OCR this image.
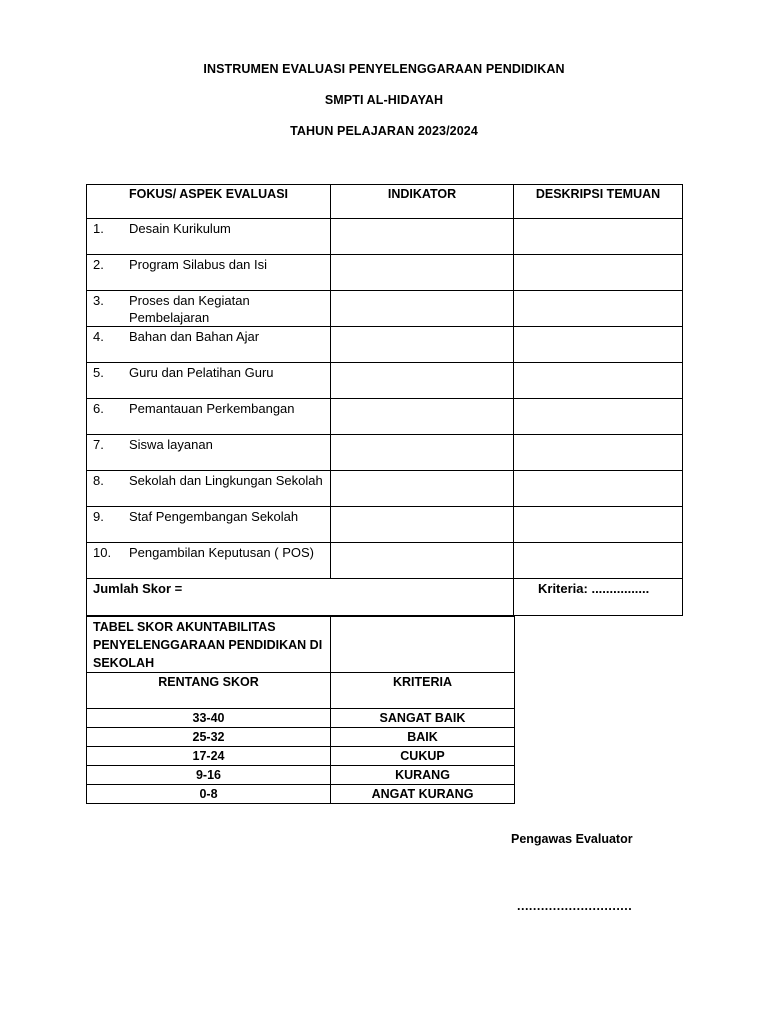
INSTRUMEN EVALUASI PENYELENGGARAAN PENDIDIKAN
SMPTI AL-HIDAYAH
TAHUN PELAJARAN 2023/2024
FOKUS/ ASPEK EVALUASI	INDIKATOR	DESKRIPSI TEMUAN

1. Desain Kurikulum		

2. Program Silabus dan Isi		

3. Proses dan Kegiatan Pembelajaran		

4. Bahan dan Bahan Ajar		

5. Guru dan Pelatihan Guru		

6. Pemantauan Perkembangan		

7. Siswa layanan		

8. Sekolah dan Lingkungan Sekolah		

9. Staf Pengembangan Sekolah		

10. Pengambilan Keputusan ( POS)		

Jumlah Skor =		Kriteria: ................
TABEL SKOR AKUNTABILITAS PENYELENGGARAAN PENDIDIKAN DI SEKOLAH	
RENTANG SKOR	KRITERIA
33-40	SANGAT BAIK
25-32	BAIK
17-24	CUKUP
9-16	KURANG
0-8	ANGAT KURANG
Pengawas Evaluator
.............................
